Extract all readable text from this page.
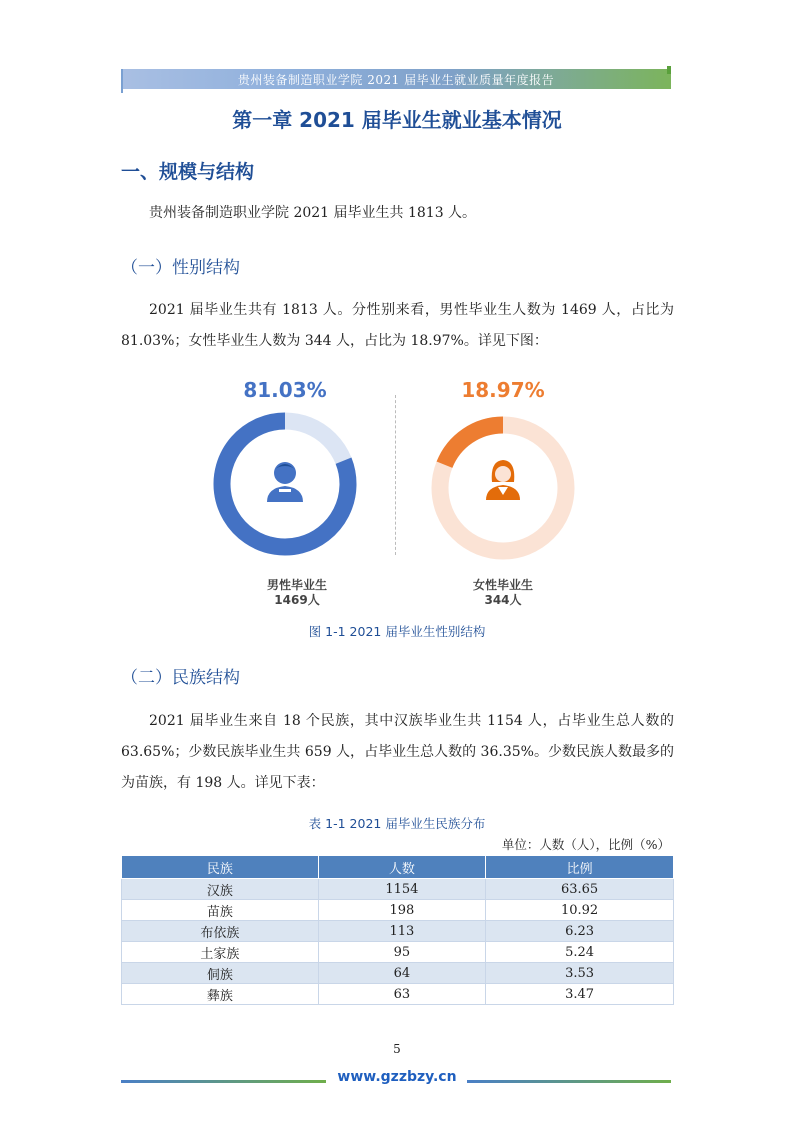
贵州装备制造职业学院 2021 届毕业生就业质量年度报告
第一章 2021 届毕业生就业基本情况
一、规模与结构
贵州装备制造职业学院 2021 届毕业生共 1813 人。
（一）性别结构
2021 届毕业生共有 1813 人。分性别来看，男性毕业生人数为 1469 人，占比为 81.03%；女性毕业生人数为 344 人，占比为 18.97%。详见下图：
81.03%	18.97%
男性毕业生
1469人
女性毕业生
344人
图 1-1 2021 届毕业生性别结构
（二）民族结构
2021 届毕业生来自 18 个民族，其中汉族毕业生共 1154 人，占毕业生总人数的 63.65%；少数民族毕业生共 659 人，占毕业生总人数的 36.35%。少数民族人数最多的为苗族，有 198 人。详见下表：
表 1-1 2021 届毕业生民族分布
单位：人数（人），比例（%）
民族	人数	比例
汉族	1154	63.65
苗族	198	10.92
布依族	113	6.23
土家族	95	5.24
侗族	64	3.53
彝族	63	3.47
5
www.gzzbzy.cn
